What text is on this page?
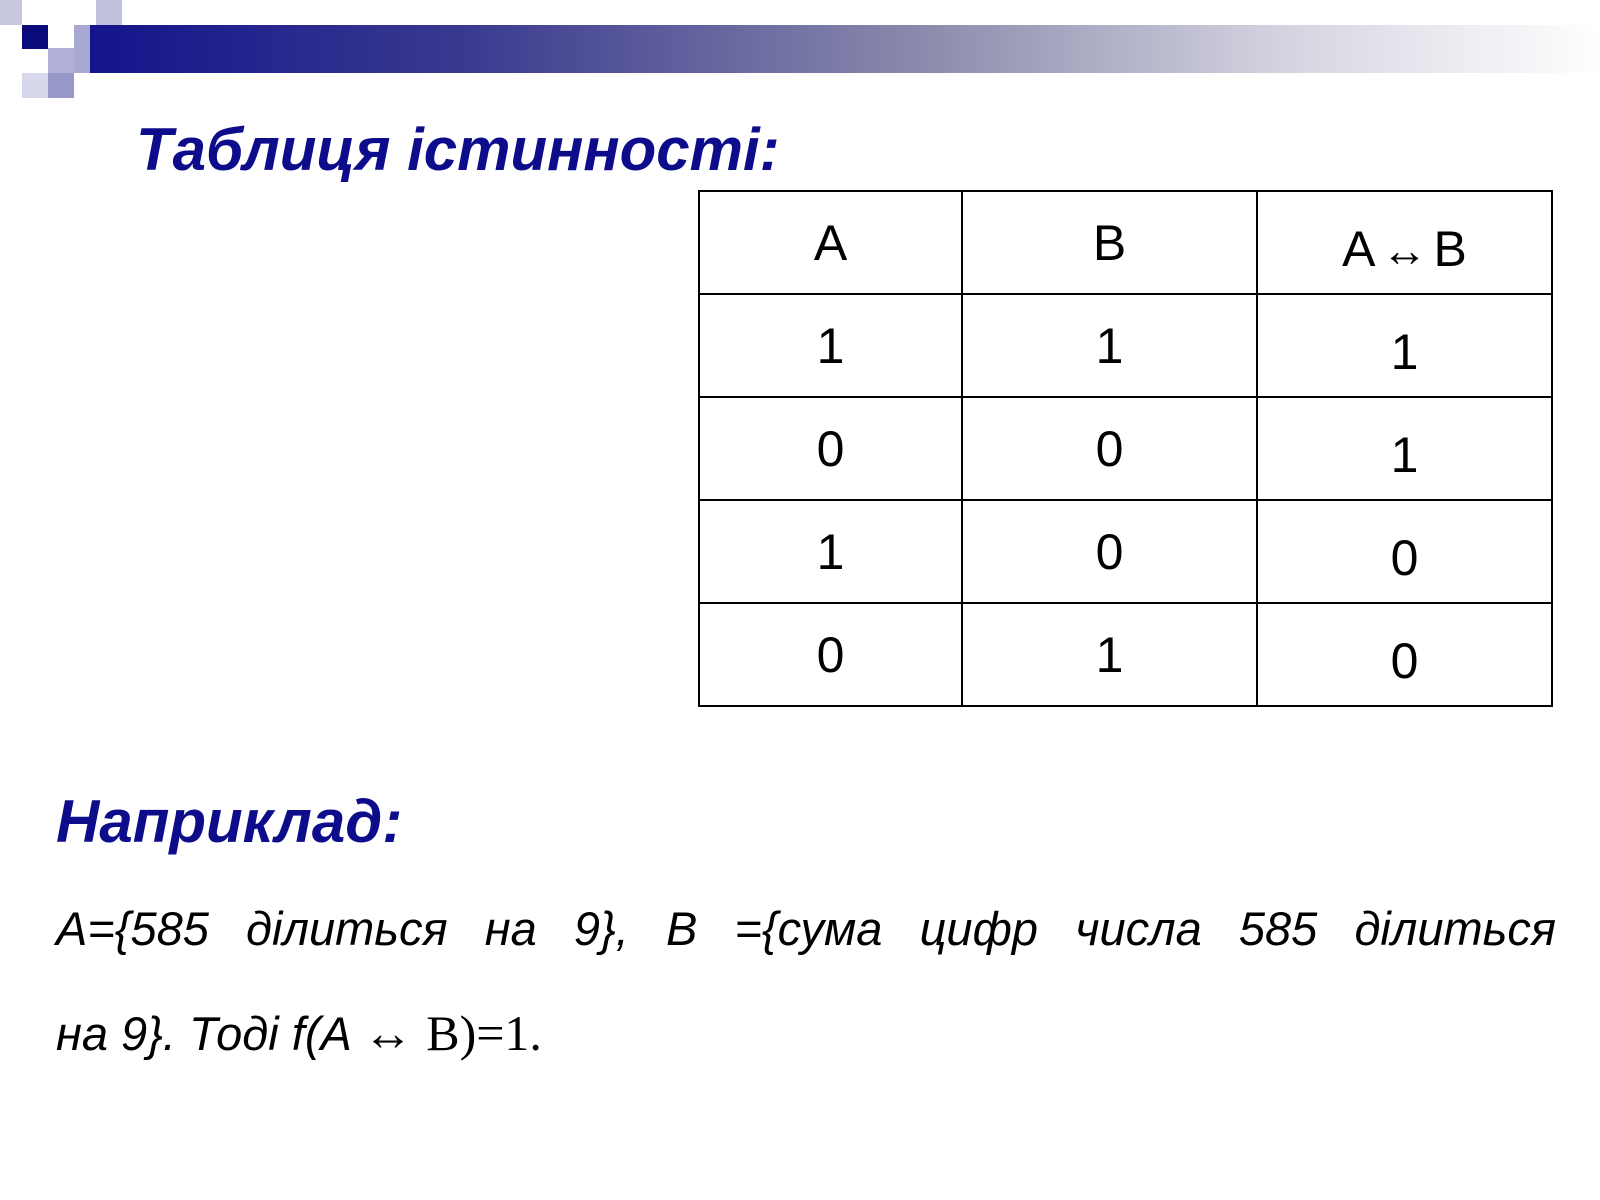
Таблиця істинності:
A	B	A ↔ B
1	1	1
0	0	1
1	0	0
0	1	0
Наприклад:

A={585 ділиться на 9}, B ={сума цифр числа 585 ділиться

на 9}. Тоді f(A ↔ B)=1.
